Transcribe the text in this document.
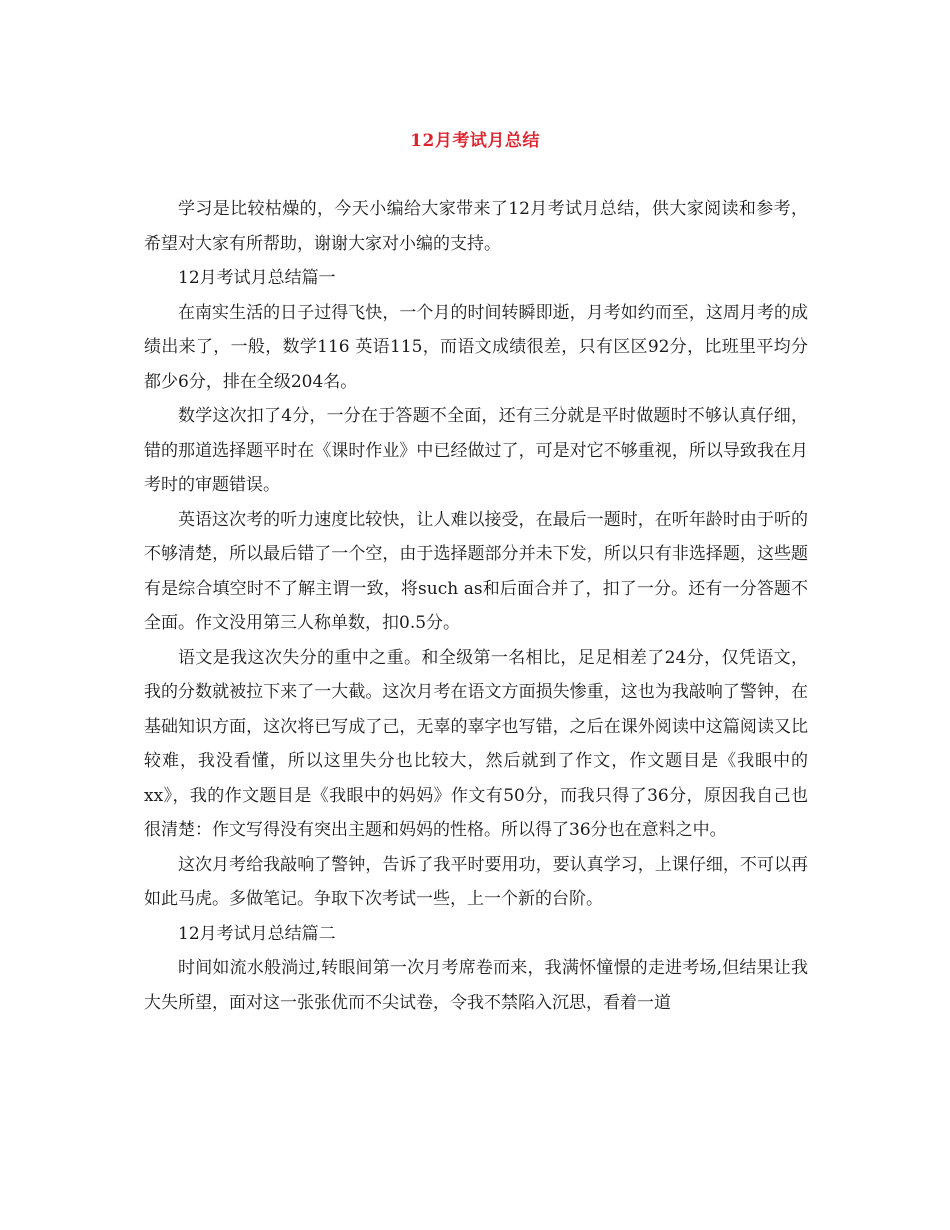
12月考试月总结

学习是比较枯燥的，今天小编给大家带来了12月考试月总结，供大家阅读和参考，希望对大家有所帮助，谢谢大家对小编的支持。

12月考试月总结篇一

在南实生活的日子过得飞快，一个月的时间转瞬即逝，月考如约而至，这周月考的成绩出来了，一般，数学116 英语115，而语文成绩很差，只有区区92分，比班里平均分都少6分，排在全级204名。

数学这次扣了4分，一分在于答题不全面，还有三分就是平时做题时不够认真仔细，错的那道选择题平时在《课时作业》中已经做过了，可是对它不够重视，所以导致我在月考时的审题错误。

英语这次考的听力速度比较快，让人难以接受，在最后一题时，在听年龄时由于听的不够清楚，所以最后错了一个空，由于选择题部分并未下发，所以只有非选择题，这些题有是综合填空时不了解主谓一致，将such as和后面合并了，扣了一分。还有一分答题不全面。作文没用第三人称单数，扣0.5分。

语文是我这次失分的重中之重。和全级第一名相比，足足相差了24分，仅凭语文，我的分数就被拉下来了一大截。这次月考在语文方面损失惨重，这也为我敲响了警钟，在基础知识方面，这次将已写成了己，无辜的辜字也写错，之后在课外阅读中这篇阅读又比较难，我没看懂，所以这里失分也比较大，然后就到了作文，作文题目是《我眼中的xx》，我的作文题目是《我眼中的妈妈》作文有50分，而我只得了36分，原因我自己也很清楚：作文写得没有突出主题和妈妈的性格。所以得了36分也在意料之中。

这次月考给我敲响了警钟，告诉了我平时要用功，要认真学习，上课仔细，不可以再如此马虎。多做笔记。争取下次考试一些，上一个新的台阶。

12月考试月总结篇二

时间如流水般淌过,转眼间第一次月考席卷而来，我满怀憧憬的走进考场,但结果让我大失所望，面对这一张张优而不尖试卷，令我不禁陷入沉思，看着一道
